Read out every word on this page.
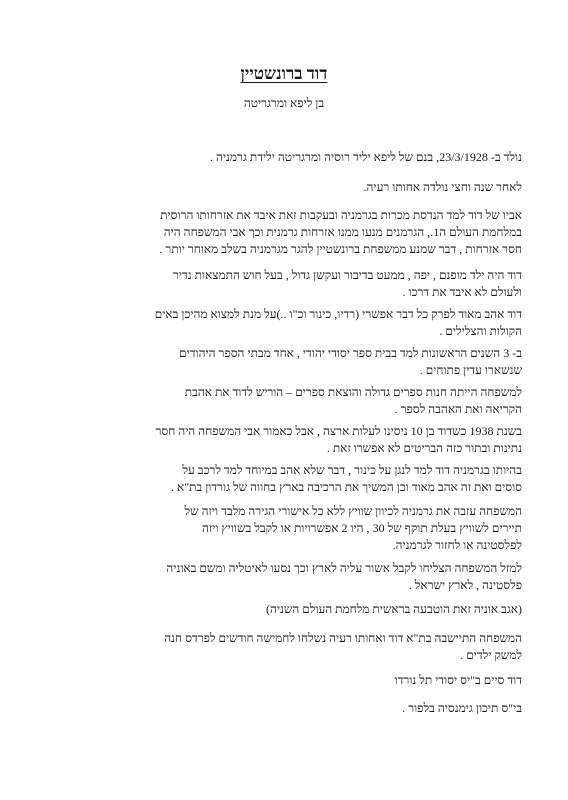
דוד ברונשטיין
בן ליפא ומרגריטה
נולד ב- 23/3/1928, בנם של ליפא יליד רוסיה ומרגריטה ילידת גרמניה .
לאחר שנה וחצי נולדה אחותו רעיה.
אביו של דוד למד הנדסת מכרות בגרמניה ובעקבות זאת איבד את אזרחותו הרוסית
במלחמת העולם ה1., הגרמנים מנעו ממנו אזרחות גרמנית וכך אבי המשפחה היה
חסר אזרחות , דבר שמנע ממשפחת ברונשטיין להגר מגרמניה בשלב מאוחר יותר .
דוד היה ילד מופנם , יפה , ממעט בדיבור ועקשן גדול , בעל חוש התמצאות נדיר
ולעולם לא איבד את דרכו .
דוד אהב מאוד לפרק כל דבר אפשרי (רדיו, כינור וכ"ו ..)על מנת למצוא מהיכן באים
הקולות והצלילים .
ב- 3 השנים הראשונות למד בבית ספר יסודי יהודי , אחד מבתי הספר היהודים
שנשארו עדין פתוחים .
למשפחה הייתה חנות ספרים גדולה והוצאת ספרים – הוריש לדוד את אהבת
הקריאה ואת האהבה לספר .
בשנת 1938 כשדוד בן 10 ניסינו לעלות ארצה , אבל כאמור אבי המשפחה היה חסר
נתינות ובתור כזה הבריטים לא אפשרו זאת .
בהיותו בגרמניה דוד למד לנגן על כינור , דבר שלא אהב במיוחד למד לרכב על
סוסים ואת זה אהב מאוד וכן המשיך את הרכיבה בארץ בחווה של גורדון בת"א .
המשפחה עזבה את גרמניה לכיוון שוויץ ללא כל אישורי הגירה מלבד ויזה של
תיירים לשוויץ בעלת תוקף של 30 , היו 2 אפשרויות או לקבל בשוויץ ויזה
לפלסטינה או לחזור לגרמניה.
למזל המשפחה הצליחו לקבל אשור עליה לארץ וכך נסעו לאיטליה ומשם באוניה
פלסטינה , לארץ ישראל .
(אגב אוניה זאת הוטבעה בראשית מלחמת העולם השניה)
המשפחה התיישבה בת"א דוד ואחותו רעיה נשלחו לחמישה חודשים לפרדס חנה
למשק ילדים .
דוד סיים ב"יס יסודי תל נורדו
בי"ס תיכון גימנסיה בלפור .
